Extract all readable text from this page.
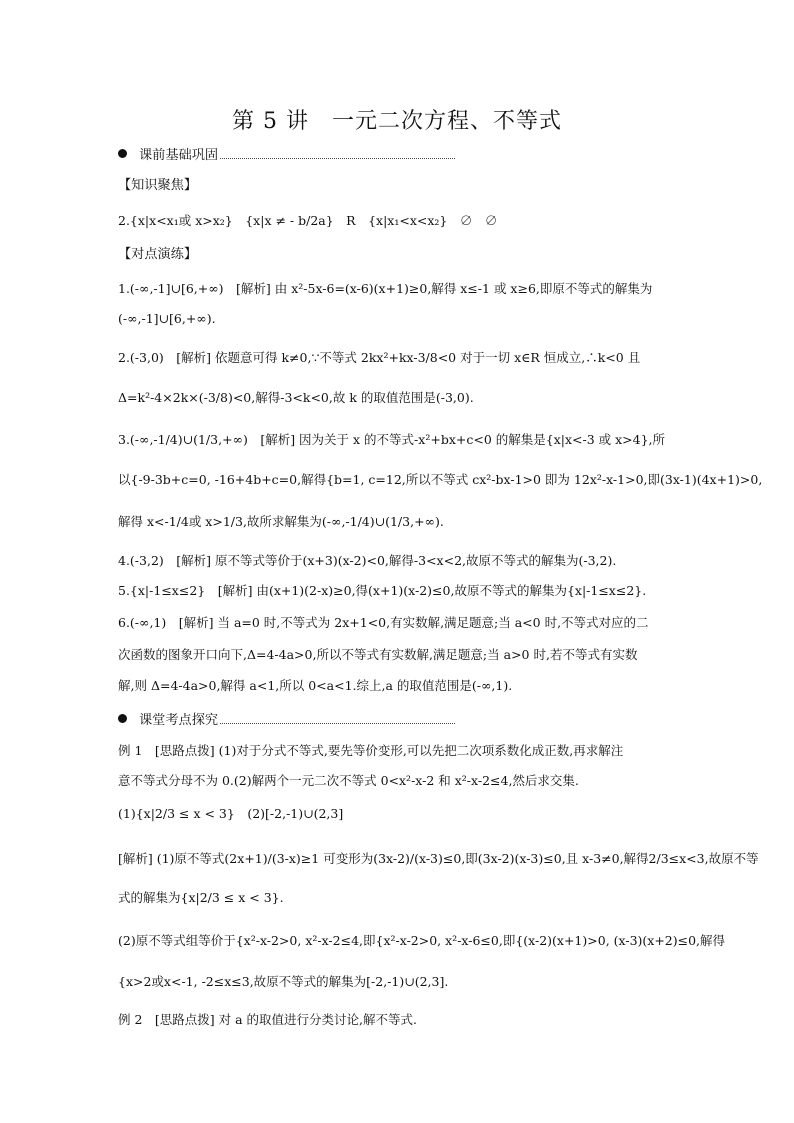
第 5 讲　一元二次方程、不等式
课前基础巩固
【知识聚焦】
2.{x|x<x₁或 x>x₂}　{x|x ≠ - b/2a}　R　{x|x₁<x<x₂}　∅　∅
【对点演练】
1.(-∞,-1]∪[6,+∞)　[解析] 由 x²-5x-6=(x-6)(x+1)≥0,解得 x≤-1 或 x≥6,即原不等式的解集为
(-∞,-1]∪[6,+∞).
2.(-3,0)　[解析] 依题意可得 k≠0,∵不等式 2kx²+kx-3/8<0 对于一切 x∈R 恒成立,∴k<0 且
Δ=k²-4×2k×(-3/8)<0,解得-3<k<0,故 k 的取值范围是(-3,0).
3.(-∞,-1/4)∪(1/3,+∞)　[解析] 因为关于 x 的不等式-x²+bx+c<0 的解集是{x|x<-3 或 x>4},所
以{-9-3b+c=0, -16+4b+c=0,解得{b=1, c=12,所以不等式 cx²-bx-1>0 即为 12x²-x-1>0,即(3x-1)(4x+1)>0,
解得 x<-1/4或 x>1/3,故所求解集为(-∞,-1/4)∪(1/3,+∞).
4.(-3,2)　[解析] 原不等式等价于(x+3)(x-2)<0,解得-3<x<2,故原不等式的解集为(-3,2).
5.{x|-1≤x≤2}　[解析] 由(x+1)(2-x)≥0,得(x+1)(x-2)≤0,故原不等式的解集为{x|-1≤x≤2}.
6.(-∞,1)　[解析] 当 a=0 时,不等式为 2x+1<0,有实数解,满足题意;当 a<0 时,不等式对应的二
次函数的图象开口向下,Δ=4-4a>0,所以不等式有实数解,满足题意;当 a>0 时,若不等式有实数
解,则 Δ=4-4a>0,解得 a<1,所以 0<a<1.综上,a 的取值范围是(-∞,1).
课堂考点探究
例 1　[思路点拨] (1)对于分式不等式,要先等价变形,可以先把二次项系数化成正数,再求解注
意不等式分母不为 0.(2)解两个一元二次不等式 0<x²-x-2 和 x²-x-2≤4,然后求交集.
(1){x|2/3 ≤ x < 3}　(2)[-2,-1)∪(2,3]
[解析] (1)原不等式(2x+1)/(3-x)≥1 可变形为(3x-2)/(x-3)≤0,即(3x-2)(x-3)≤0,且 x-3≠0,解得2/3≤x<3,故原不等
式的解集为{x|2/3 ≤ x < 3}.
(2)原不等式组等价于{x²-x-2>0, x²-x-2≤4,即{x²-x-2>0, x²-x-6≤0,即{(x-2)(x+1)>0, (x-3)(x+2)≤0,解得
{x>2或x<-1, -2≤x≤3,故原不等式的解集为[-2,-1)∪(2,3].
例 2　[思路点拨] 对 a 的取值进行分类讨论,解不等式.
